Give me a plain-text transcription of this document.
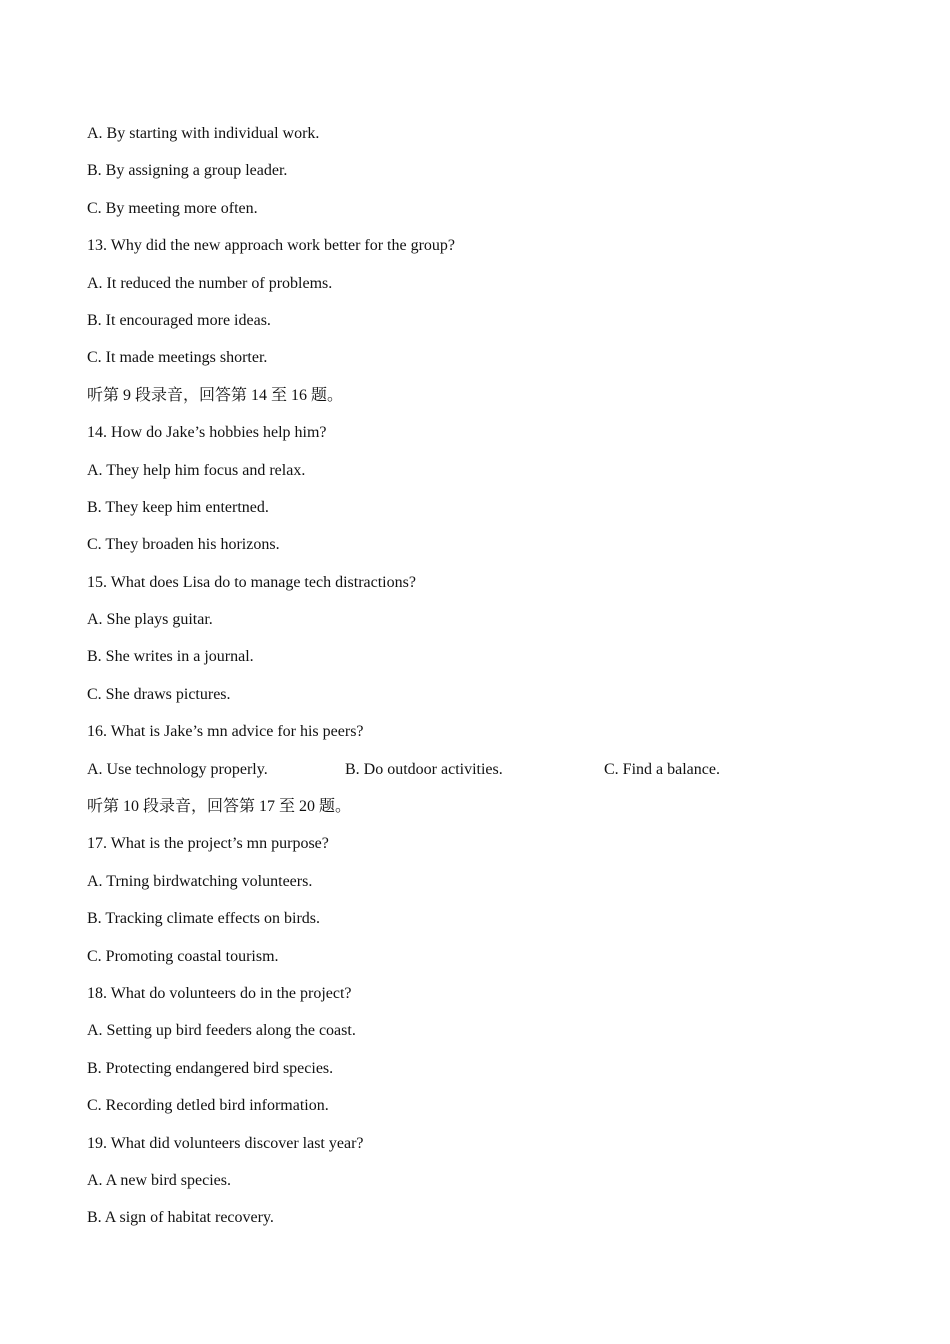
A. By starting with individual work.
B. By assigning a group leader.
C. By meeting more often.
13. Why did the new approach work better for the group?
A. It reduced the number of problems.
B. It encouraged more ideas.
C. It made meetings shorter.
听第 9 段录音，回答第 14 至 16 题。
14. How do Jake’s hobbies help him?
A. They help him focus and relax.
B. They keep him entertned.
C. They broaden his horizons.
15. What does Lisa do to manage tech distractions?
A. She plays guitar.
B. She writes in a journal.
C. She draws pictures.
16. What is Jake’s mn advice for his peers?
A. Use technology properly.	B. Do outdoor activities.	C. Find a balance.
听第 10 段录音，回答第 17 至 20 题。
17. What is the project’s mn purpose?
A. Trning birdwatching volunteers.
B. Tracking climate effects on birds.
C. Promoting coastal tourism.
18. What do volunteers do in the project?
A. Setting up bird feeders along the coast.
B. Protecting endangered bird species.
C. Recording detled bird information.
19. What did volunteers discover last year?
A. A new bird species.
B. A sign of habitat recovery.
